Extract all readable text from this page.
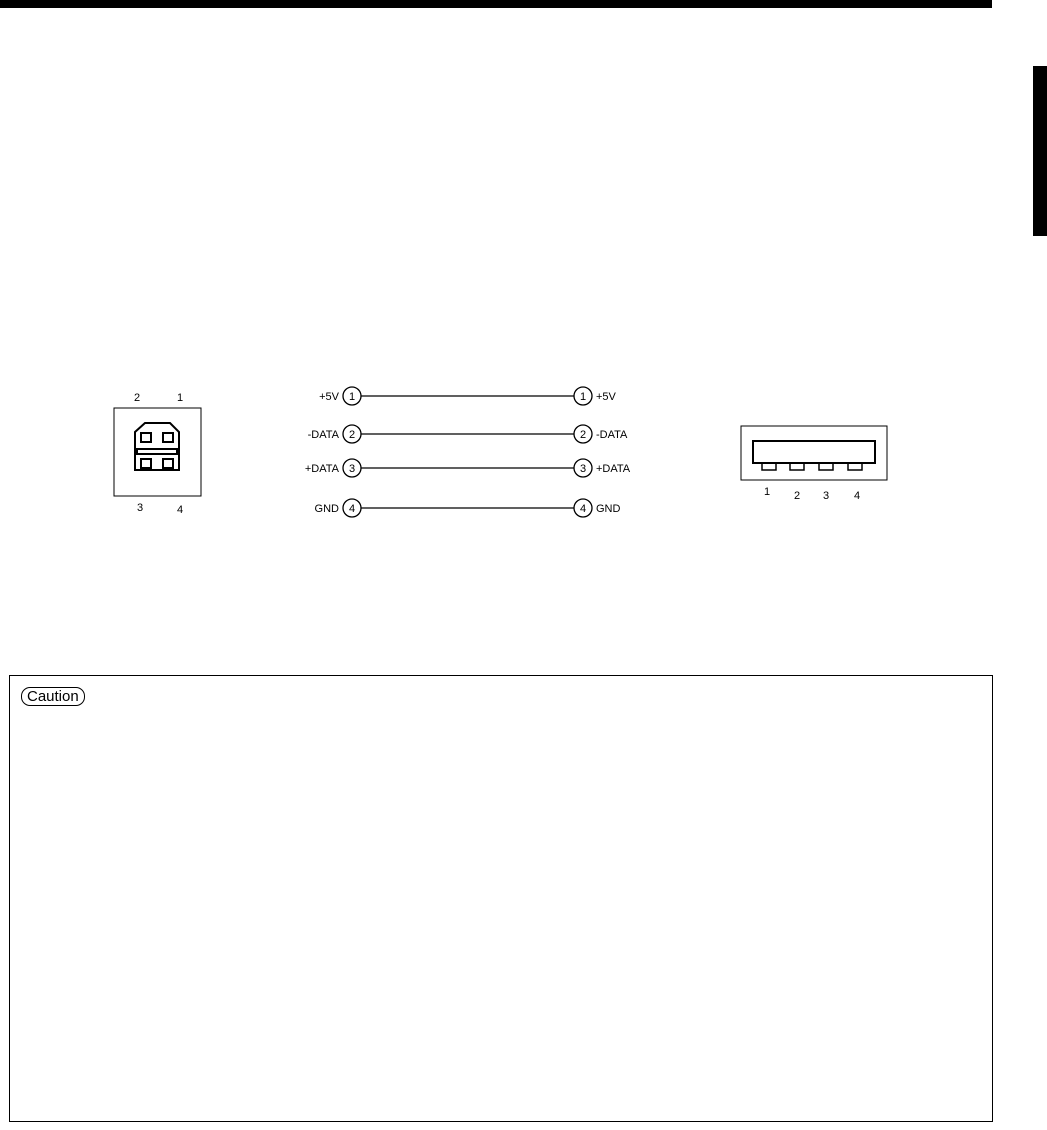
2	1
3	4
+5V 1	1 +5V
-DATA 2	2 -DATA
+DATA 3	3 +DATA
GND 4	4 GND
1 2 3 4
Caution
